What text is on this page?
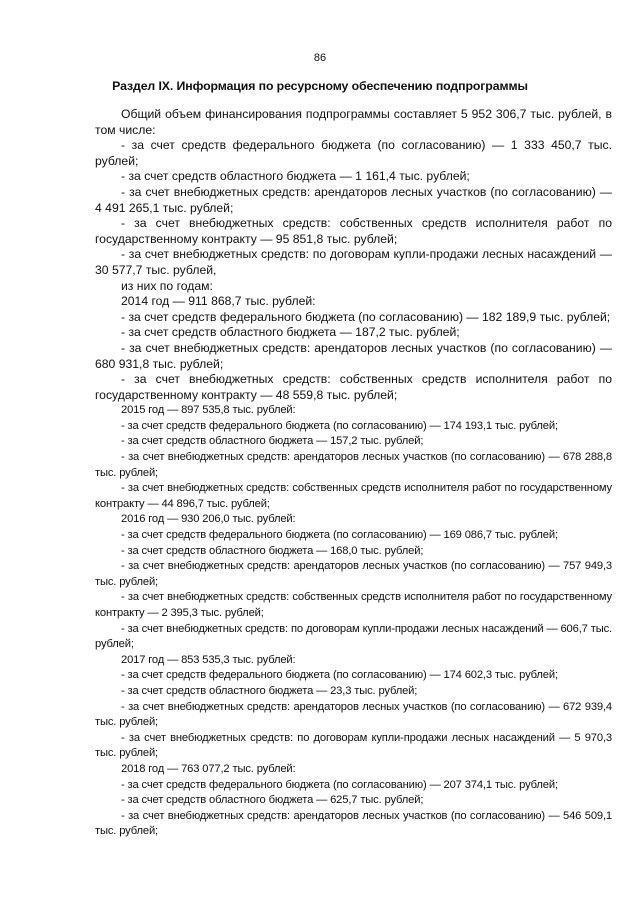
86
Раздел IX. Информация по ресурсному обеспечению подпрограммы

Общий объем финансирования подпрограммы составляет 5 952 306,7 тыс. рублей, в том числе:

- за счет средств федерального бюджета (по согласованию) — 1 333 450,7 тыс. рублей;

- за счет средств областного бюджета — 1 161,4 тыс. рублей;

- за счет внебюджетных средств: арендаторов лесных участков (по согласованию) — 4 491 265,1 тыс. рублей;

- за счет внебюджетных средств: собственных средств исполнителя работ по государственному контракту — 95 851,8 тыс. рублей;

- за счет внебюджетных средств: по договорам купли-продажи лесных насаждений — 30 577,7 тыс. рублей,

из них по годам:

2014 год — 911 868,7 тыс. рублей:

- за счет средств федерального бюджета (по согласованию) — 182 189,9 тыс. рублей;

- за счет средств областного бюджета — 187,2 тыс. рублей;

- за счет внебюджетных средств: арендаторов лесных участков (по согласованию) — 680 931,8 тыс. рублей;

- за счет внебюджетных средств: собственных средств исполнителя работ по государственному контракту — 48 559,8 тыс. рублей;

2015 год — 897 535,8 тыс. рублей:

- за счет средств федерального бюджета (по согласованию) — 174 193,1 тыс. рублей;

- за счет средств областного бюджета — 157,2 тыс. рублей;

- за счет внебюджетных средств: арендаторов лесных участков (по согласованию) — 678 288,8 тыс. рублей;

- за счет внебюджетных средств: собственных средств исполнителя работ по государственному контракту — 44 896,7 тыс. рублей;

2016 год — 930 206,0 тыс. рублей:

- за счет средств федерального бюджета (по согласованию) — 169 086,7 тыс. рублей;

- за счет средств областного бюджета — 168,0 тыс. рублей;

- за счет внебюджетных средств: арендаторов лесных участков (по согласованию) — 757 949,3 тыс. рублей;

- за счет внебюджетных средств: собственных средств исполнителя работ по государственному контракту — 2 395,3 тыс. рублей;

- за счет внебюджетных средств: по договорам купли-продажи лесных насаждений — 606,7 тыс. рублей;

2017 год — 853 535,3 тыс. рублей:

- за счет средств федерального бюджета (по согласованию) — 174 602,3 тыс. рублей;

- за счет средств областного бюджета — 23,3 тыс. рублей;

- за счет внебюджетных средств: арендаторов лесных участков (по согласованию) — 672 939,4 тыс. рублей;

- за счет внебюджетных средств: по договорам купли-продажи лесных насаждений — 5 970,3 тыс. рублей;

2018 год — 763 077,2 тыс. рублей:

- за счет средств федерального бюджета (по согласованию) — 207 374,1 тыс. рублей;

- за счет средств областного бюджета — 625,7 тыс. рублей;

- за счет внебюджетных средств: арендаторов лесных участков (по согласованию) — 546 509,1 тыс. рублей;
